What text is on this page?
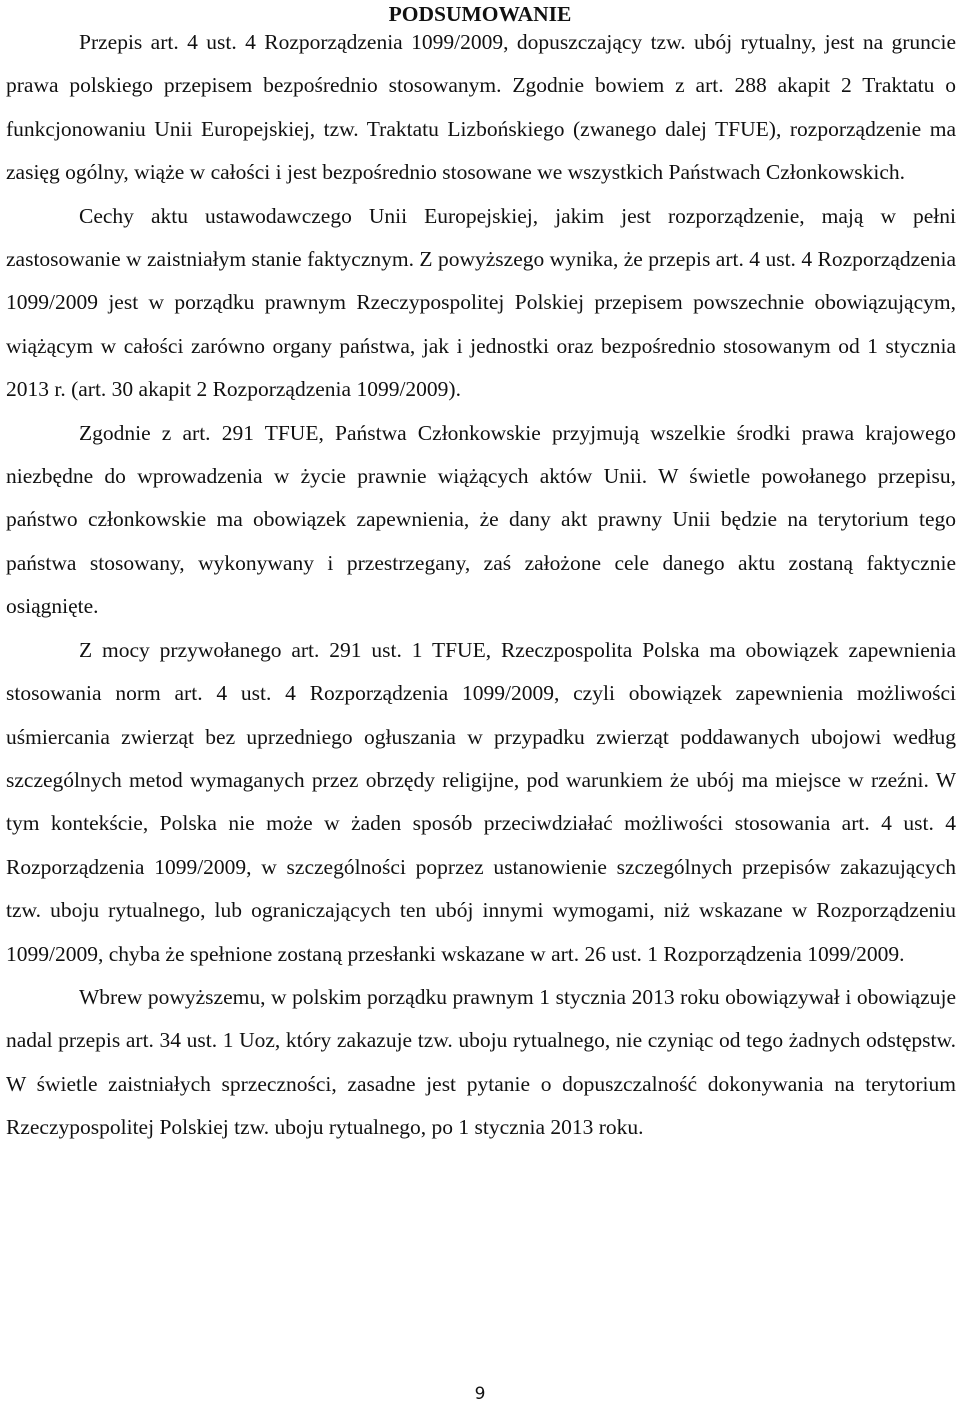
PODSUMOWANIE

Przepis art. 4 ust. 4 Rozporządzenia 1099/2009, dopuszczający tzw. ubój rytualny, jest na gruncie prawa polskiego przepisem bezpośrednio stosowanym. Zgodnie bowiem z art. 288 akapit 2 Traktatu o funkcjonowaniu Unii Europejskiej, tzw. Traktatu Lizbońskiego (zwanego dalej TFUE), rozporządzenie ma zasięg ogólny, wiąże w całości i jest bezpośrednio stosowane we wszystkich Państwach Członkowskich.

Cechy aktu ustawodawczego Unii Europejskiej, jakim jest rozporządzenie, mają w pełni zastosowanie w zaistniałym stanie faktycznym. Z powyższego wynika, że przepis art. 4 ust. 4 Rozporządzenia 1099/2009 jest w porządku prawnym Rzeczypospolitej Polskiej przepisem powszechnie obowiązującym, wiążącym w całości zarówno organy państwa, jak i jednostki oraz bezpośrednio stosowanym od 1 stycznia 2013 r. (art. 30 akapit 2 Rozporządzenia 1099/2009).

Zgodnie z art. 291 TFUE, Państwa Członkowskie przyjmują wszelkie środki prawa krajowego niezbędne do wprowadzenia w życie prawnie wiążących aktów Unii. W świetle powołanego przepisu, państwo członkowskie ma obowiązek zapewnienia, że dany akt prawny Unii będzie na terytorium tego państwa stosowany, wykonywany i przestrzegany, zaś założone cele danego aktu zostaną faktycznie osiągnięte.

Z mocy przywołanego art. 291 ust. 1 TFUE, Rzeczpospolita Polska ma obowiązek zapewnienia stosowania norm art. 4 ust. 4 Rozporządzenia 1099/2009, czyli obowiązek zapewnienia możliwości uśmiercania zwierząt bez uprzedniego ogłuszania w przypadku zwierząt poddawanych ubojowi według szczególnych metod wymaganych przez obrzędy religijne, pod warunkiem że ubój ma miejsce w rzeźni. W tym kontekście, Polska nie może w żaden sposób przeciwdziałać możliwości stosowania art. 4 ust. 4 Rozporządzenia 1099/2009, w szczególności poprzez ustanowienie szczególnych przepisów zakazujących tzw. uboju rytualnego, lub ograniczających ten ubój innymi wymogami, niż wskazane w Rozporządzeniu 1099/2009, chyba że spełnione zostaną przesłanki wskazane w art. 26 ust. 1 Rozporządzenia 1099/2009.

Wbrew powyższemu, w polskim porządku prawnym 1 stycznia 2013 roku obowiązywał i obowiązuje nadal przepis art. 34 ust. 1 Uoz, który zakazuje tzw. uboju rytualnego, nie czyniąc od tego żadnych odstępstw. W świetle zaistniałych sprzeczności, zasadne jest pytanie o dopuszczalność dokonywania na terytorium Rzeczypospolitej Polskiej tzw. uboju rytualnego, po 1 stycznia 2013 roku.

9
